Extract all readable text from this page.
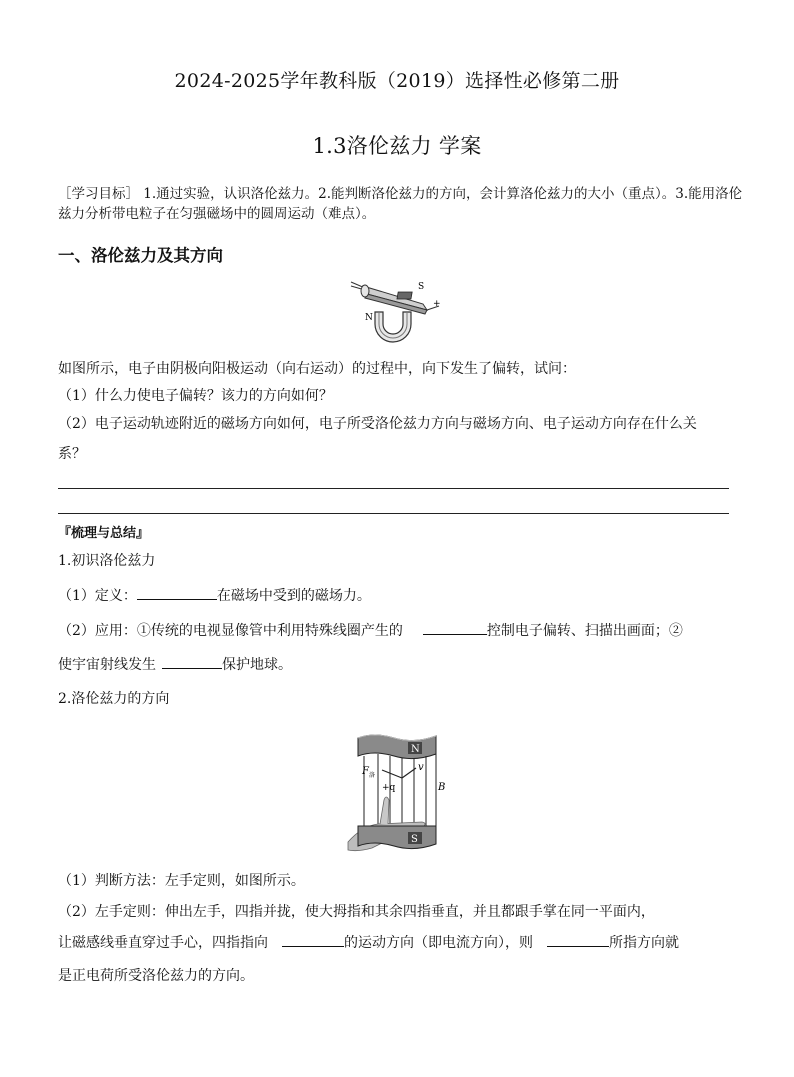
2024-2025学年教科版（2019）选择性必修第二册
1.3洛伦兹力 学案
［学习目标］ 1.通过实验，认识洛伦兹力。2.能判断洛伦兹力的方向，会计算洛伦兹力的大小（重点）。3.能用洛伦兹力分析带电粒子在匀强磁场中的圆周运动（难点）。
一、洛伦兹力及其方向
S
N
+
如图所示，电子由阴极向阳极运动（向右运动）的过程中，向下发生了偏转，试问：
（1）什么力使电子偏转？该力的方向如何？
（2）电子运动轨迹附近的磁场方向如何，电子所受洛伦兹力方向与磁场方向、电子运动方向存在什么关
系？
『梳理与总结』
1.初识洛伦兹力
（1）定义：	在磁场中受到的磁场力。
（2）应用：①传统的电视显像管中利用特殊线圈产生的	控制电子偏转、扫描出画面；②
使宇宙射线发生	保护地球。
2.洛伦兹力的方向
N
F 洛
v
+q	B
S
（1）判断方法：左手定则，如图所示。
（2）左手定则：伸出左手，四指并拢，使大拇指和其余四指垂直，并且都跟手掌在同一平面内，
让磁感线垂直穿过手心，四指指向	的运动方向（即电流方向），则	所指方向就
是正电荷所受洛伦兹力的方向。
